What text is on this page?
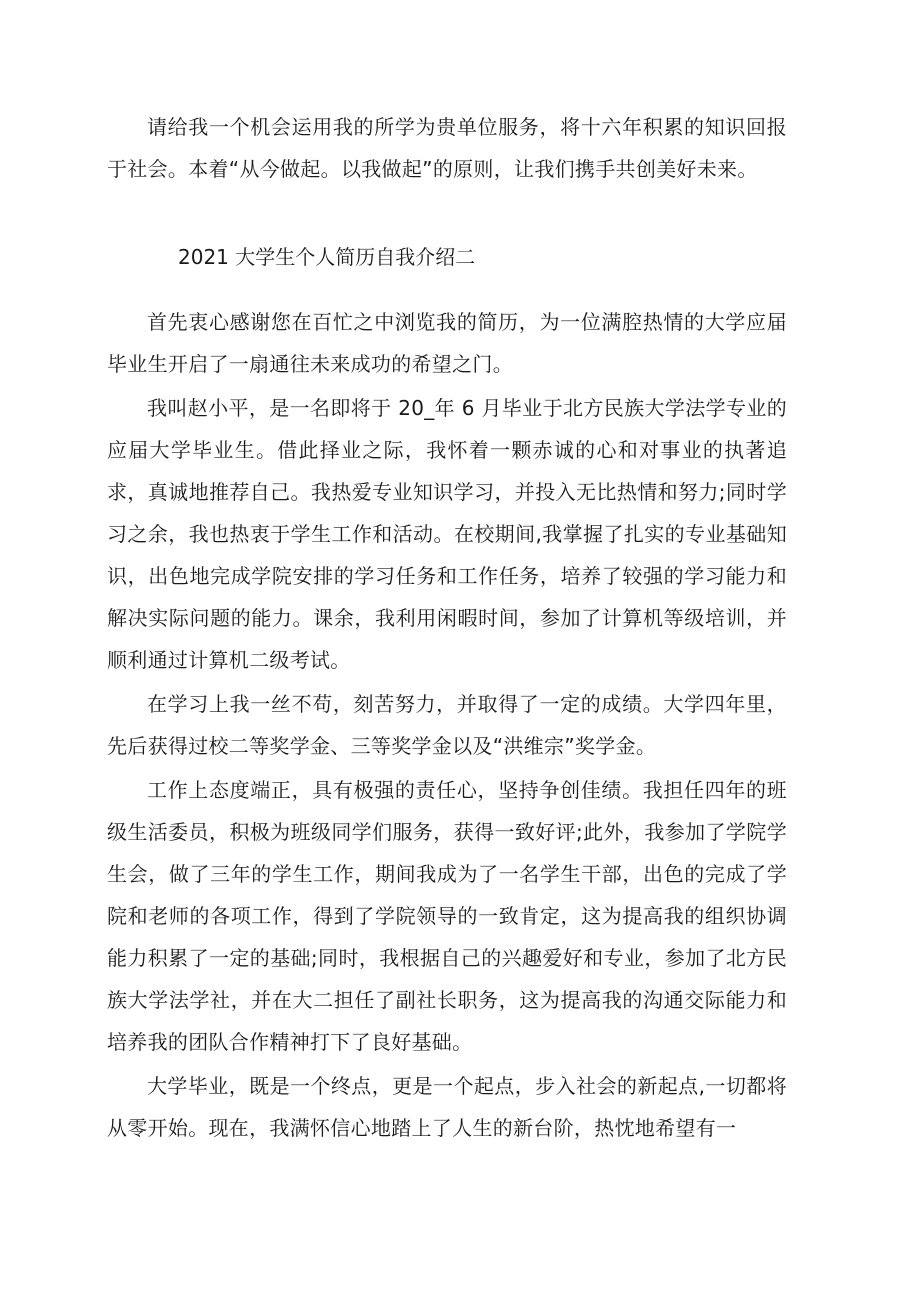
请给我一个机会运用我的所学为贵单位服务，将十六年积累的知识回报于社会。本着“从今做起。以我做起”的原则，让我们携手共创美好未来。

2021 大学生个人简历自我介绍二

首先衷心感谢您在百忙之中浏览我的简历，为一位满腔热情的大学应届毕业生开启了一扇通往未来成功的希望之门。

我叫赵小平，是一名即将于 20_年 6 月毕业于北方民族大学法学专业的应届大学毕业生。借此择业之际，我怀着一颗赤诚的心和对事业的执著追求，真诚地推荐自己。我热爱专业知识学习，并投入无比热情和努力;同时学习之余，我也热衷于学生工作和活动。在校期间,我掌握了扎实的专业基础知识，出色地完成学院安排的学习任务和工作任务，培养了较强的学习能力和解决实际问题的能力。课余，我利用闲暇时间，参加了计算机等级培训，并顺利通过计算机二级考试。

在学习上我一丝不苟，刻苦努力，并取得了一定的成绩。大学四年里，先后获得过校二等奖学金、三等奖学金以及“洪维宗”奖学金。

工作上态度端正，具有极强的责任心，坚持争创佳绩。我担任四年的班级生活委员，积极为班级同学们服务，获得一致好评;此外，我参加了学院学生会，做了三年的学生工作，期间我成为了一名学生干部，出色的完成了学院和老师的各项工作，得到了学院领导的一致肯定，这为提高我的组织协调能力积累了一定的基础;同时，我根据自己的兴趣爱好和专业，参加了北方民族大学法学社，并在大二担任了副社长职务，这为提高我的沟通交际能力和培养我的团队合作精神打下了良好基础。

大学毕业，既是一个终点，更是一个起点，步入社会的新起点,一切都将从零开始。现在，我满怀信心地踏上了人生的新台阶，热忱地希望有一
